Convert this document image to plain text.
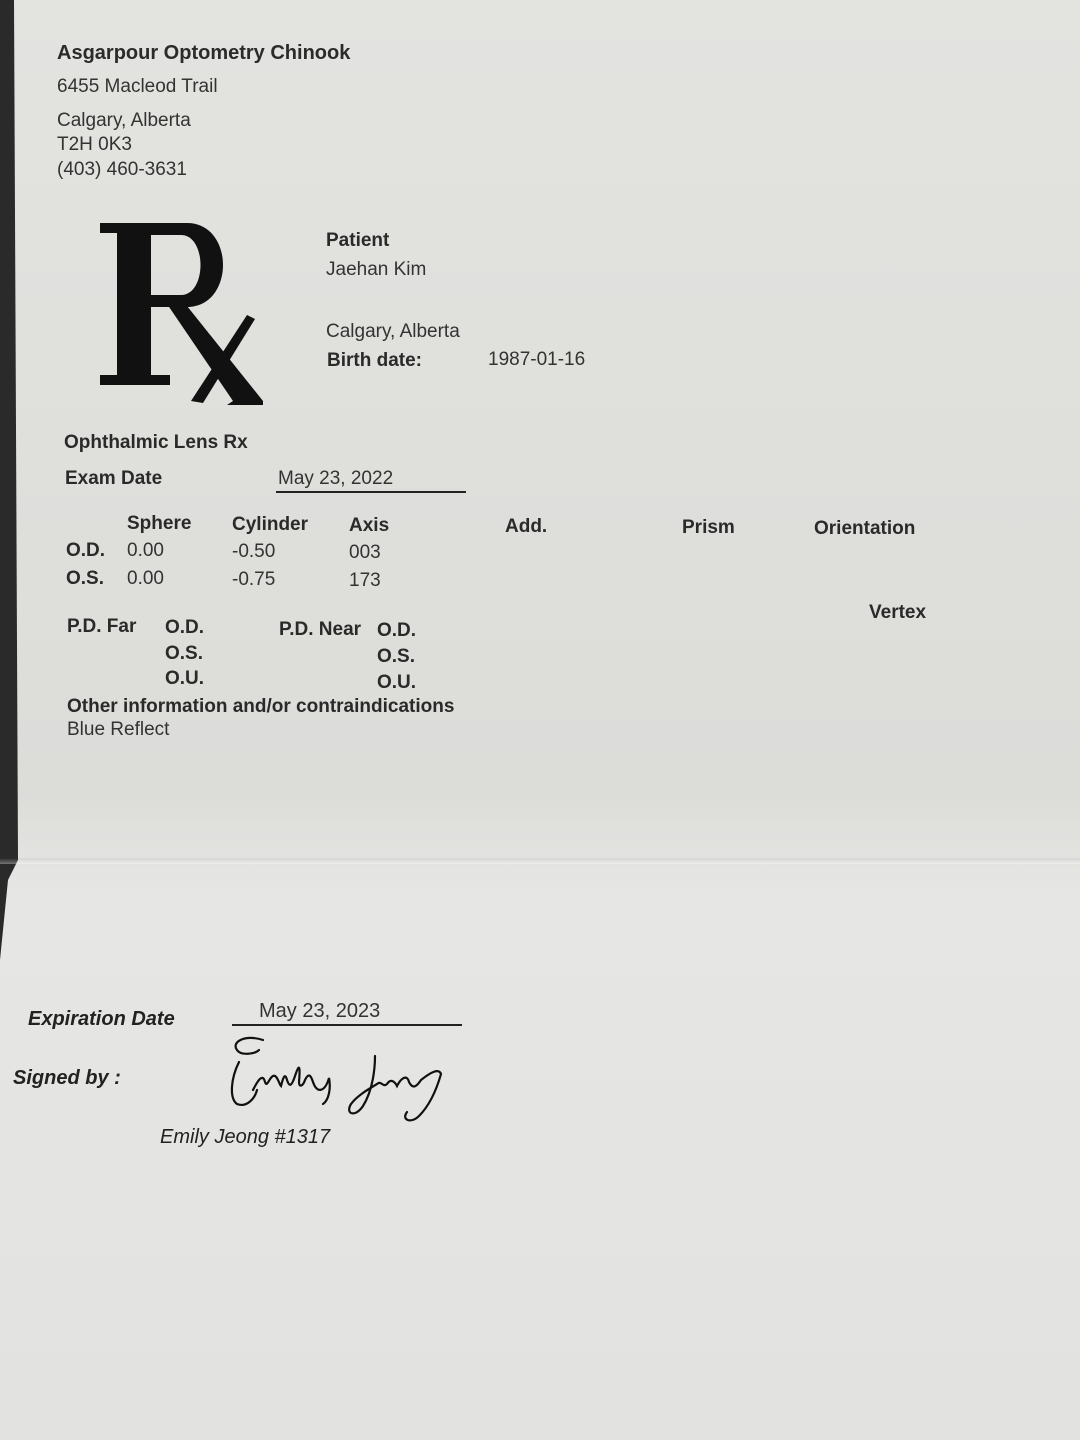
Asgarpour Optometry Chinook
6455 Macleod Trail
Calgary, Alberta
T2H 0K3
(403) 460-3631
Patient
Jaehan Kim
Calgary, Alberta
Birth date:	1987-01-16
Ophthalmic Lens Rx
Exam Date	May 23, 2022
Sphere Cylinder Axis	Add.	Prism	Orientation
O.D. 0.00	-0.50	003
O.S. 0.00	-0.75	173
Vertex
P.D. Far O.D.
O.S.
O.U.
P.D. Near O.D.
O.S.
O.U.
Other information and/or contraindications
Blue Reflect
Expiration Date	May 23, 2023
Signed by :
Emily Jeong #1317
